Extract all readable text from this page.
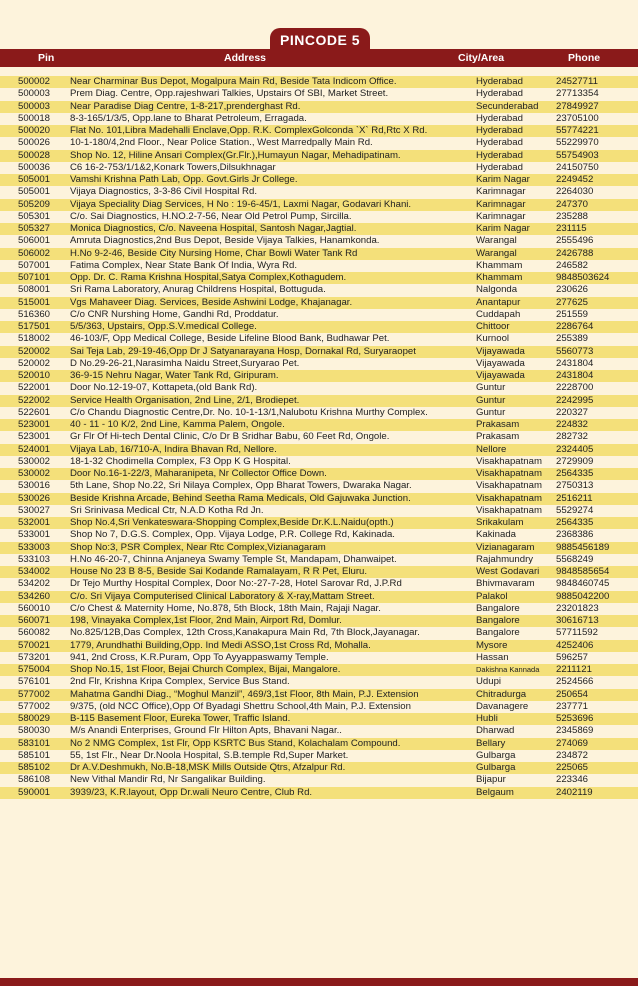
PINCODE 5
Pin	Address	City/Area	Phone
500002	Near Charminar Bus Depot, Mogalpura Main Rd, Beside Tata Indicom Office.	Hyderabad	24527711
500003	Prem Diag. Centre, Opp.rajeshwari Talkies, Upstairs Of SBI, Market Street.	Hyderabad	27713354
500003	Near Paradise Diag Centre, 1-8-217,prenderghast Rd.	Secunderabad	27849927
500018	8-3-165/1/3/5, Opp.lane to Bharat Petroleum, Erragada.	Hyderabad	23705100
500020	Flat No. 101,Libra Madehalli Enclave,Opp. R.K. ComplexGolconda `X` Rd,Rtc X Rd.	Hyderabad	55774221
500026	10-1-180/4,2nd Floor., Near Police Station., West Marredpally Main Rd.	Hyderabad	55229970
500028	Shop No. 12, Hiline Ansari Complex(Gr.Flr.),Humayun Nagar, Mehadipatinam.	Hyderabad	55754903
500036	C6 16-2-753/1/1&2,Konark Towers,Dilsukhnagar	Hyderabad	24150750
505001	Vamshi Krishna Path Lab, Opp. Govt.Girls Jr College.	Karim Nagar	2249452
505001	Vijaya Diagnostics, 3-3-86 Civil Hospital Rd.	Karimnagar	2264030
505209	Vijaya Speciality Diag Services, H No : 19-6-45/1, Laxmi Nagar, Godavari Khani.	Karimnagar	247370
505301	C/o. Sai Diagnostics, H.NO.2-7-56, Near Old Petrol Pump, Sircilla.	Karimnagar	235288
505327	Monica Diagnostics, C/o. Naveena Hospital, Santosh Nagar,Jagtial.	Karim Nagar	231115
506001	Amruta Diagnostics,2nd Bus Depot, Beside Vijaya Talkies, Hanamkonda.	Warangal	2555496
506002	H.No 9-2-46, Beside City Nursing Home, Char Bowli Water Tank Rd	Warangal	2426788
507001	Fatima Complex, Near State Bank Of India, Wyra Rd.	Khammam	246582
507101	Opp. Dr. C. Rama Krishna Hospital,Satya Complex,Kothagudem.	Khammam	9848503624
508001	Sri Rama Laboratory, Anurag Childrens Hospital, Bottuguda.	Nalgonda	230626
515001	Vgs Mahaveer Diag. Services, Beside Ashwini Lodge, Khajanagar.	Anantapur	277625
516360	C/o CNR Nurshing Home, Gandhi Rd, Proddatur.	Cuddapah	251559
517501	5/5/363, Upstairs, Opp.S.V.medical College.	Chittoor	2286764
518002	46-103/F, Opp Medical College, Beside Lifeline Blood Bank, Budhawar Pet.	Kurnool	255389
520002	Sai Teja Lab, 29-19-46,Opp Dr J Satyanarayana Hosp, Dornakal Rd, Suryaraopet	Vijayawada	5560773
520002	D No.29-26-21,Narasimha Naidu Street,Suryarao Pet.	Vijayawada	2431804
520010	36-9-15 Nehru Nagar, Water Tank Rd, Giripuram.	Vijayawada	2431804
522001	Door No.12-19-07, Kottapeta,(old Bank Rd).	Guntur	2228700
522002	Service Health Organisation, 2nd Line, 2/1, Brodiepet.	Guntur	2242995
522601	C/o Chandu Diagnostic Centre,Dr. No. 10-1-13/1,Nalubotu Krishna Murthy Complex.	Guntur	220327
523001	40 - 11 - 10 K/2, 2nd Line, Kamma Palem, Ongole.	Prakasam	224832
523001	Gr Flr Of Hi-tech Dental Clinic, C/o Dr B Sridhar Babu, 60 Feet Rd, Ongole.	Prakasam	282732
524001	Vijaya Lab, 16/710-A, Indira Bhavan Rd, Nellore.	Nellore	2324405
530002	18-1-32 Chodimella Complex, F3 Opp K G Hospital.	Visakhapatnam	2729909
530002	Door No.16-1-22/3, Maharanipeta, Nr Collector Office Down.	Visakhapatnam	2564335
530016	5th Lane, Shop No.22, Sri Nilaya Complex, Opp Bharat Towers, Dwaraka Nagar.	Visakhapatnam	2750313
530026	Beside Krishna Arcade, Behind Seetha Rama Medicals, Old Gajuwaka Junction.	Visakhapatnam	2516211
530027	Sri Srinivasa Medical Ctr, N.A.D Kotha Rd Jn.	Visakhapatnam	5529274
532001	Shop No.4,Sri Venkateswara-Shopping Complex,Beside Dr.K.L.Naidu(opth.)	Srikakulam	2564335
533001	Shop No 7, D.G.S. Complex, Opp. Vijaya Lodge, P.R. College Rd, Kakinada.	Kakinada	2368386
533003	Shop No:3, PSR Complex, Near Rtc Complex,Vizianagaram	Vizianagaram	9885456189
533103	H.No 46-20-7, Chinna Anjaneya Swamy Temple St, Mandapam, Dhanwaipet.	Rajahmundry	5568249
534002	House No 23 B 8-5, Beside Sai Kodande Ramalayam, R R Pet, Eluru.	West Godavari	9848585654
534202	Dr Tejo Murthy Hospital Complex, Door No:-27-7-28, Hotel Sarovar Rd, J.P.Rd	Bhivmavaram	9848460745
534260	C/o. Sri Vijaya Computerised Clinical Laboratory & X-ray,Mattam Street.	Palakol	9885042200
560010	C/o Chest & Maternity Home, No.878, 5th Block, 18th Main, Rajaji Nagar.	Bangalore	23201823
560071	198, Vinayaka Complex,1st Floor, 2nd Main, Airport Rd, Domlur.	Bangalore	30616713
560082	No.825/12B,Das Complex, 12th Cross,Kanakapura Main Rd, 7th Block,Jayanagar.	Bangalore	57711592
570021	1779, Arundhathi Building,Opp. Ind Medi ASSO,1st Cross Rd, Mohalla.	Mysore	4252406
573201	941, 2nd Cross, K.R.Puram, Opp To Ayyappaswamy Temple.	Hassan	596257
575004	Shop No.15, 1st Floor, Bejai Church Complex, Bijai, Mangalore.	Dakishna Kannada	2211121
576101	2nd Flr, Krishna Kripa Complex, Service Bus Stand.	Udupi	2524566
577002	Mahatma Gandhi Diag., “Moghul Manzil”, 469/3,1st Floor, 8th Main, P.J. Extension	Chitradurga	250654
577002	9/375, (old NCC Office),Opp Of Byadagi Shettru School,4th Main, P.J. Extension	Davanagere	237771
580029	B-115 Basement Floor, Eureka Tower, Traffic Island.	Hubli	5253696
580030	M/s Anandi Enterprises, Ground Flr Hilton Apts, Bhavani Nagar..	Dharwad	2345869
583101	No 2 NMG Complex, 1st Flr, Opp KSRTC Bus Stand, Kolachalam Compound.	Bellary	274069
585101	55, 1st Flr., Near Dr.Noola Hospital, S.B.temple Rd,Super Market.	Gulbarga	234872
585102	Dr A.V.Deshmukh, No.B-18,MSK Mills Outside Qtrs, Afzalpur Rd.	Gulbarga	225065
586108	New Vithal Mandir Rd, Nr Sangalikar Building.	Bijapur	223346
590001	3939/23, K.R.layout, Opp Dr.wali Neuro Centre, Club Rd.	Belgaum	2402119
